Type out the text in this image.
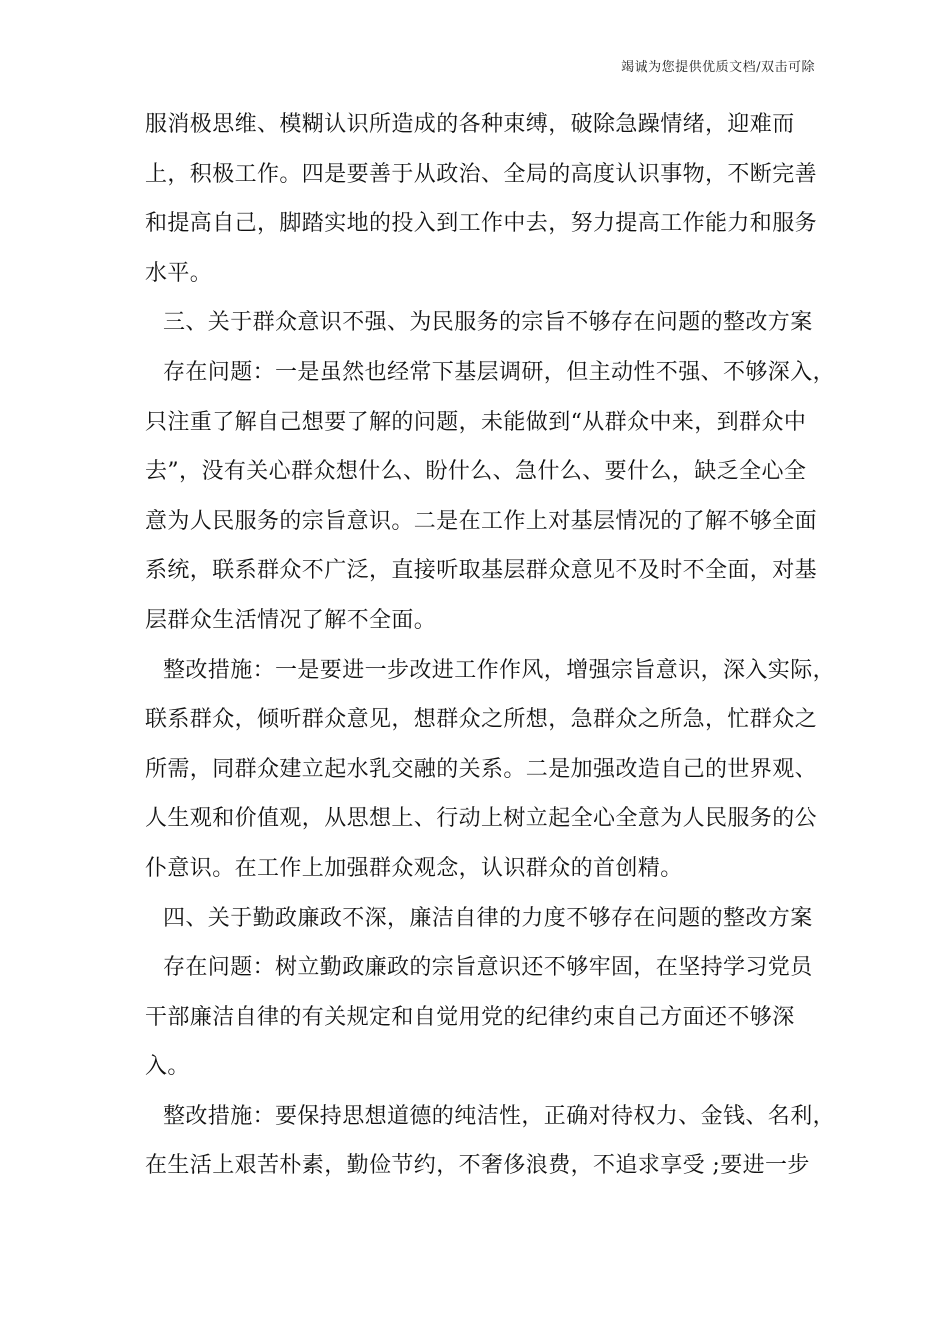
竭诚为您提供优质文档/双击可除
服消极思维、模糊认识所造成的各种束缚，破除急躁情绪，迎难而
上，积极工作。四是要善于从政治、全局的高度认识事物，不断完善
和提高自己，脚踏实地的投入到工作中去，努力提高工作能力和服务
水平。
三、关于群众意识不强、为民服务的宗旨不够存在问题的整改方案
存在问题：一是虽然也经常下基层调研，但主动性不强、不够深入，
只注重了解自己想要了解的问题，未能做到“从群众中来，到群众中
去”，没有关心群众想什么、盼什么、急什么、要什么，缺乏全心全
意为人民服务的宗旨意识。二是在工作上对基层情况的了解不够全面
系统，联系群众不广泛，直接听取基层群众意见不及时不全面，对基
层群众生活情况了解不全面。
整改措施：一是要进一步改进工作作风，增强宗旨意识，深入实际，
联系群众，倾听群众意见，想群众之所想，急群众之所急，忙群众之
所需，同群众建立起水乳交融的关系。二是加强改造自己的世界观、
人生观和价值观，从思想上、行动上树立起全心全意为人民服务的公
仆意识。在工作上加强群众观念，认识群众的首创精。
四、关于勤政廉政不深，廉洁自律的力度不够存在问题的整改方案
存在问题：树立勤政廉政的宗旨意识还不够牢固，在坚持学习党员
干部廉洁自律的有关规定和自觉用党的纪律约束自己方面还不够深
入。
整改措施：要保持思想道德的纯洁性，正确对待权力、金钱、名利，
在生活上艰苦朴素，勤俭节约，不奢侈浪费，不追求享受 ;要进一步
